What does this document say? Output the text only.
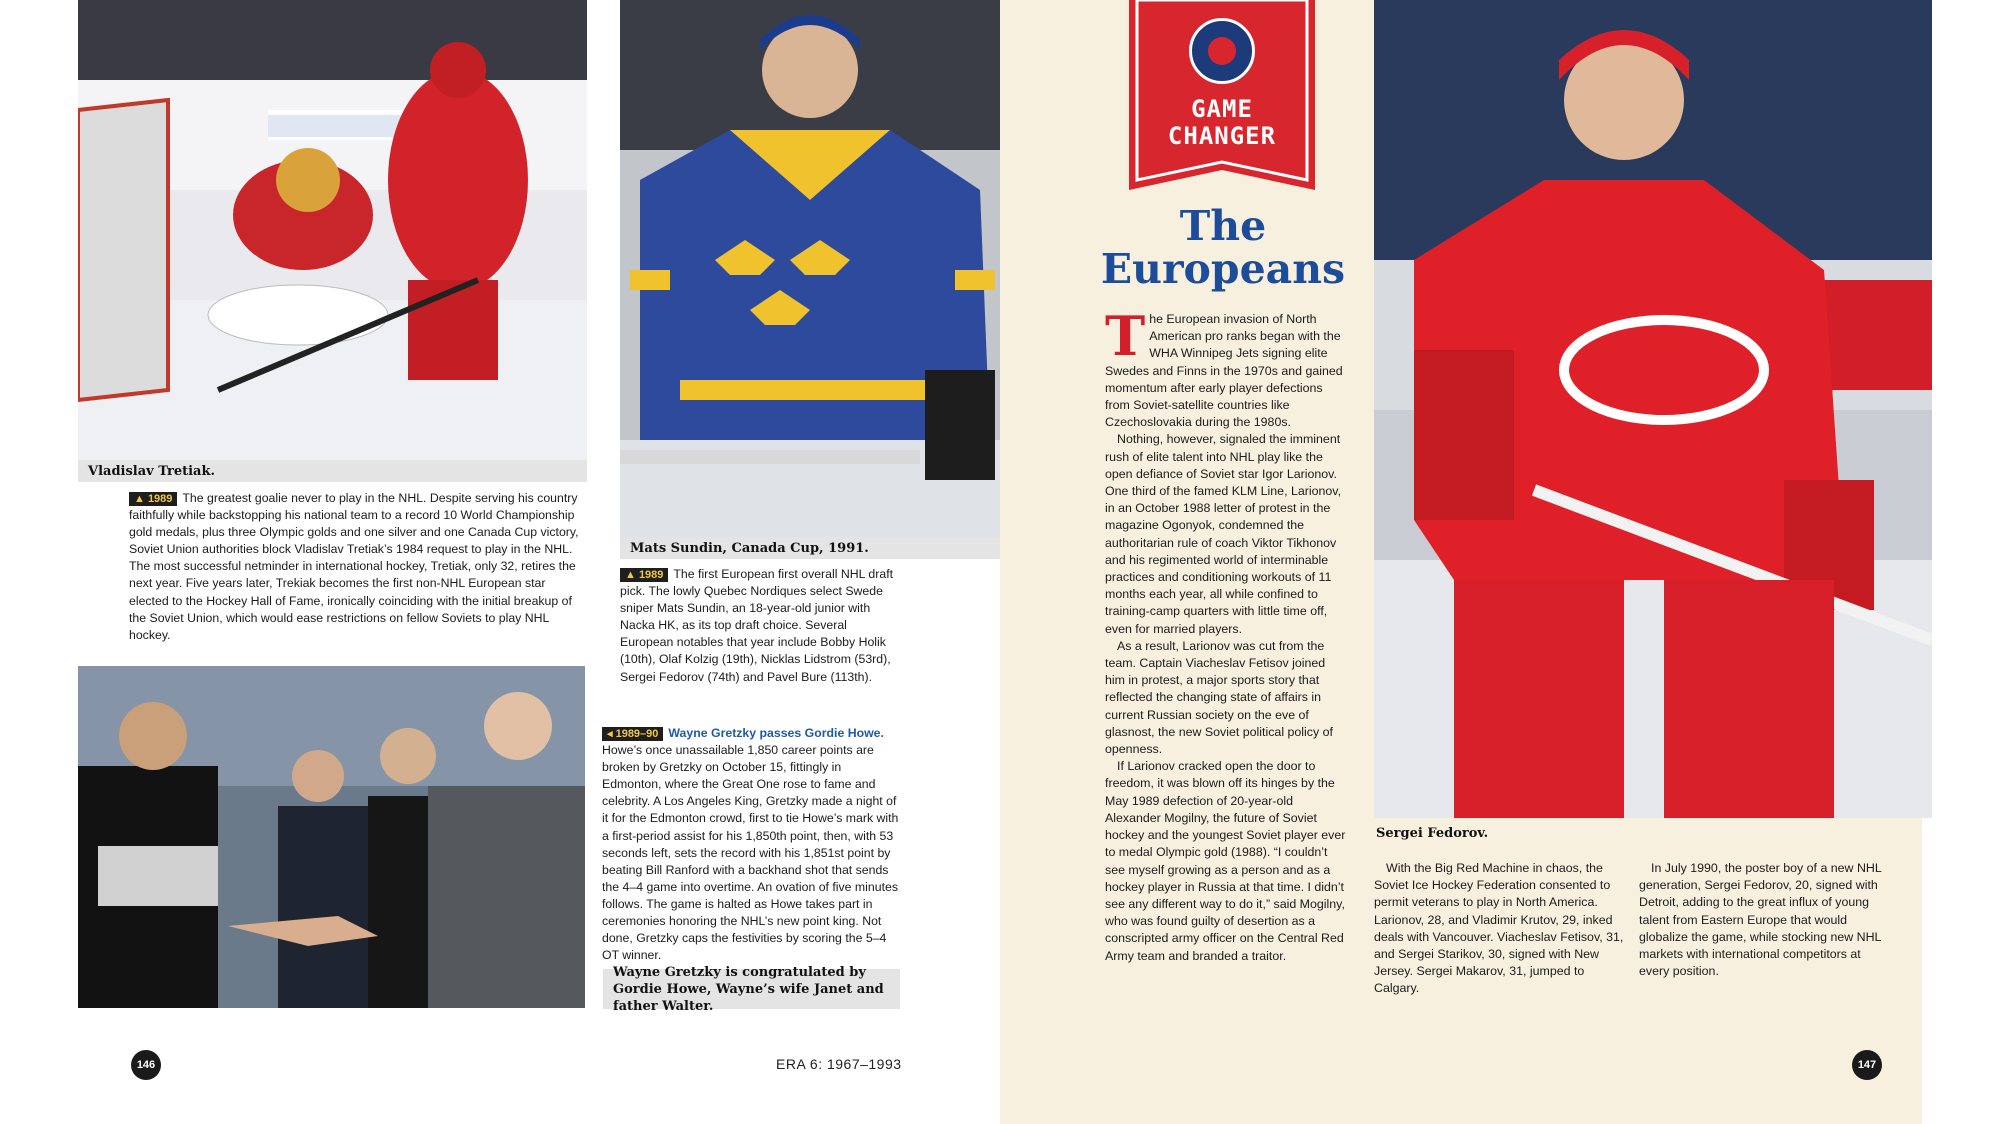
Vladislav Tretiak.

▲ 1989 The greatest goalie never to play in the NHL. Despite serving his country faithfully while backstopping his national team to a record 10 World Championship gold medals, plus three Olympic golds and one silver and one Canada Cup victory, Soviet Union authorities block Vladislav Tretiak’s 1984 request to play in the NHL. The most successful netminder in international hockey, Tretiak, only 32, retires the next year. Five years later, Trekiak becomes the first non-NHL European star elected to the Hockey Hall of Fame, ironically coinciding with the initial breakup of the Soviet Union, which would ease restrictions on fellow Soviets to play NHL hockey.

Mats Sundin, Canada Cup, 1991.

▲ 1989 The first European first overall NHL draft pick. The lowly Quebec Nordiques select Swede sniper Mats Sundin, an 18-year-old junior with Nacka HK, as its top draft choice. Several European notables that year include Bobby Holik (10th), Olaf Kolzig (19th), Nicklas Lidstrom (53rd), Sergei Fedorov (74th) and Pavel Bure (113th).

◂ 1989–90 Wayne Gretzky passes Gordie Howe. Howe’s once unassailable 1,850 career points are broken by Gretzky on October 15, fittingly in Edmonton, where the Great One rose to fame and celebrity. A Los Angeles King, Gretzky made a night of it for the Edmonton crowd, first to tie Howe’s mark with a first-period assist for his 1,850th point, then, with 53 seconds left, sets the record with his 1,851st point by beating Bill Ranford with a backhand shot that sends the 4–4 game into overtime. An ovation of five minutes follows. The game is halted as Howe takes part in ceremonies honoring the NHL’s new point king. Not done, Gretzky caps the festivities by scoring the 5–4 OT winner.

Wayne Gretzky is congratulated by Gordie Howe, Wayne’s wife Janet and father Walter.
146	ERA 6: 1967–1993
GAME
CHANGER
The
Europeans

The European invasion of North American pro ranks began with the WHA Winnipeg Jets signing elite Swedes and Finns in the 1970s and gained momentum after early player defections from Soviet-satellite countries like Czechoslovakia during the 1980s.

Nothing, however, signaled the imminent rush of elite talent into NHL play like the open defiance of Soviet star Igor Larionov. One third of the famed KLM Line, Larionov, in an October 1988 letter of protest in the magazine Ogonyok, condemned the authoritarian rule of coach Viktor Tikhonov and his regimented world of interminable practices and conditioning workouts of 11 months each year, all while confined to training-camp quarters with little time off, even for married players.

As a result, Larionov was cut from the team. Captain Viacheslav Fetisov joined him in protest, a major sports story that reflected the changing state of affairs in current Russian society on the eve of glasnost, the new Soviet political policy of openness.

If Larionov cracked open the door to freedom, it was blown off its hinges by the May 1989 defection of 20-year-old Alexander Mogilny, the future of Soviet hockey and the youngest Soviet player ever to medal Olympic gold (1988). “I couldn’t see myself growing as a person and as a hockey player in Russia at that time. I didn’t see any different way to do it,” said Mogilny, who was found guilty of desertion as a conscripted army officer on the Central Red Army team and branded a traitor.

Sergei Fedorov.

With the Big Red Machine in chaos, the Soviet Ice Hockey Federation consented to permit veterans to play in North America. Larionov, 28, and Vladimir Krutov, 29, inked deals with Vancouver. Viacheslav Fetisov, 31, and Sergei Starikov, 30, signed with New Jersey. Sergei Makarov, 31, jumped to Calgary.

In July 1990, the poster boy of a new NHL generation, Sergei Fedorov, 20, signed with Detroit, adding to the great influx of young talent from Eastern Europe that would globalize the game, while stocking new NHL markets with international competitors at every position.

147
